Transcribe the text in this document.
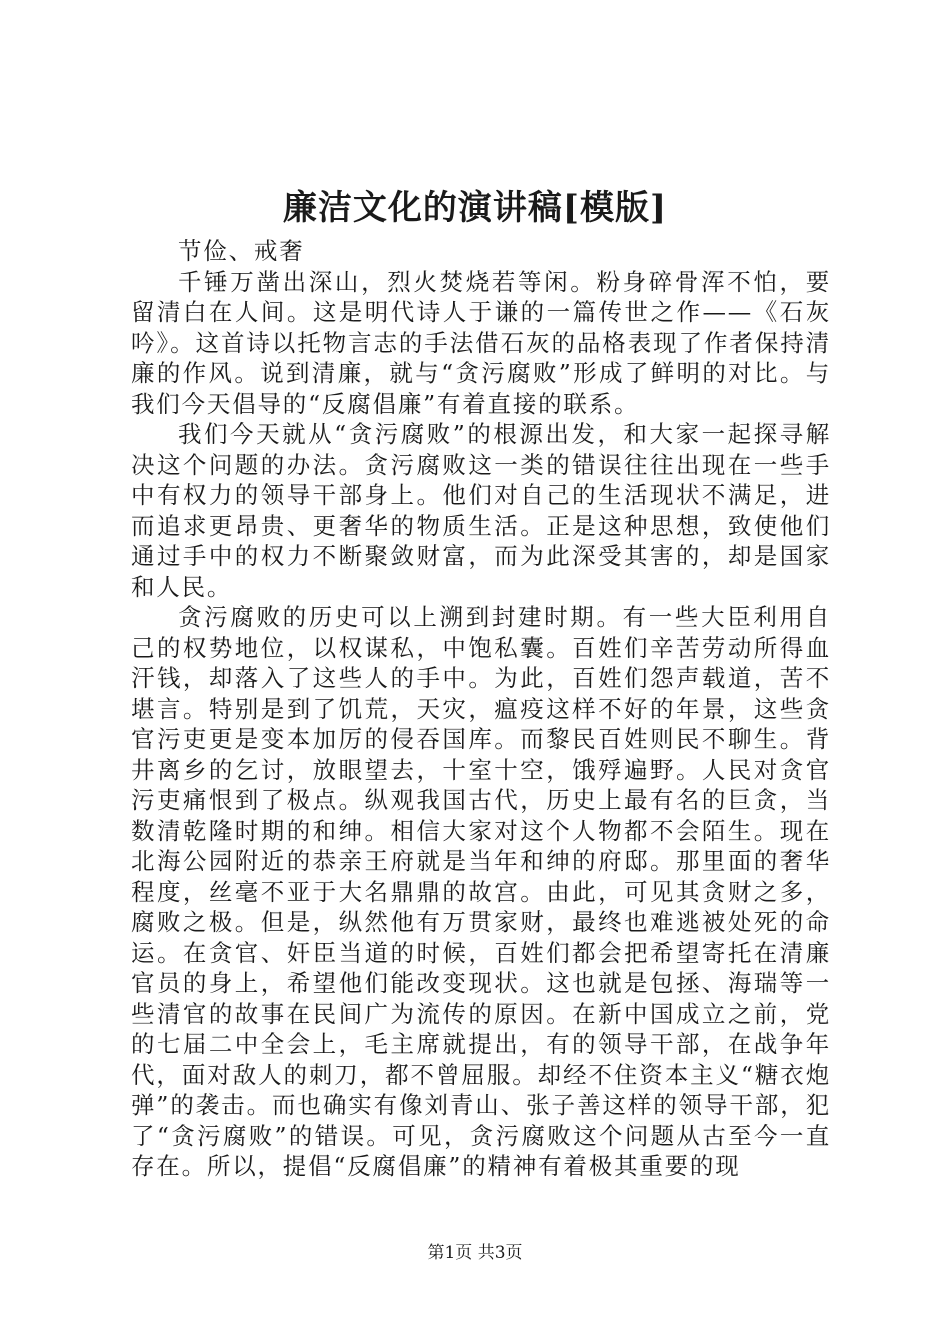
廉洁文化的演讲稿[模版]

节俭、戒奢

千锤万凿出深山，烈火焚烧若等闲。粉身碎骨浑不怕，要留清白在人间。这是明代诗人于谦的一篇传世之作——《石灰吟》。这首诗以托物言志的手法借石灰的品格表现了作者保持清廉的作风。说到清廉，就与“贪污腐败”形成了鲜明的对比。与我们今天倡导的“反腐倡廉”有着直接的联系。

我们今天就从“贪污腐败”的根源出发，和大家一起探寻解决这个问题的办法。贪污腐败这一类的错误往往出现在一些手中有权力的领导干部身上。他们对自己的生活现状不满足，进而追求更昂贵、更奢华的物质生活。正是这种思想，致使他们通过手中的权力不断聚敛财富，而为此深受其害的，却是国家和人民。

贪污腐败的历史可以上溯到封建时期。有一些大臣利用自己的权势地位，以权谋私，中饱私囊。百姓们辛苦劳动所得血汗钱，却落入了这些人的手中。为此，百姓们怨声载道，苦不堪言。特别是到了饥荒，天灾，瘟疫这样不好的年景，这些贪官污吏更是变本加厉的侵吞国库。而黎民百姓则民不聊生。背井离乡的乞讨，放眼望去，十室十空，饿殍遍野。人民对贪官污吏痛恨到了极点。纵观我国古代，历史上最有名的巨贪，当数清乾隆时期的和绅。相信大家对这个人物都不会陌生。现在北海公园附近的恭亲王府就是当年和绅的府邸。那里面的奢华程度，丝毫不亚于大名鼎鼎的故宫。由此，可见其贪财之多，腐败之极。但是，纵然他有万贯家财，最终也难逃被处死的命运。在贪官、奸臣当道的时候，百姓们都会把希望寄托在清廉官员的身上，希望他们能改变现状。这也就是包拯、海瑞等一些清官的故事在民间广为流传的原因。在新中国成立之前，党的七届二中全会上，毛主席就提出，有的领导干部，在战争年代，面对敌人的刺刀，都不曾屈服。却经不住资本主义“糖衣炮弹”的袭击。而也确实有像刘青山、张子善这样的领导干部，犯了“贪污腐败”的错误。可见，贪污腐败这个问题从古至今一直存在。所以，提倡“反腐倡廉”的精神有着极其重要的现

第1页 共3页
